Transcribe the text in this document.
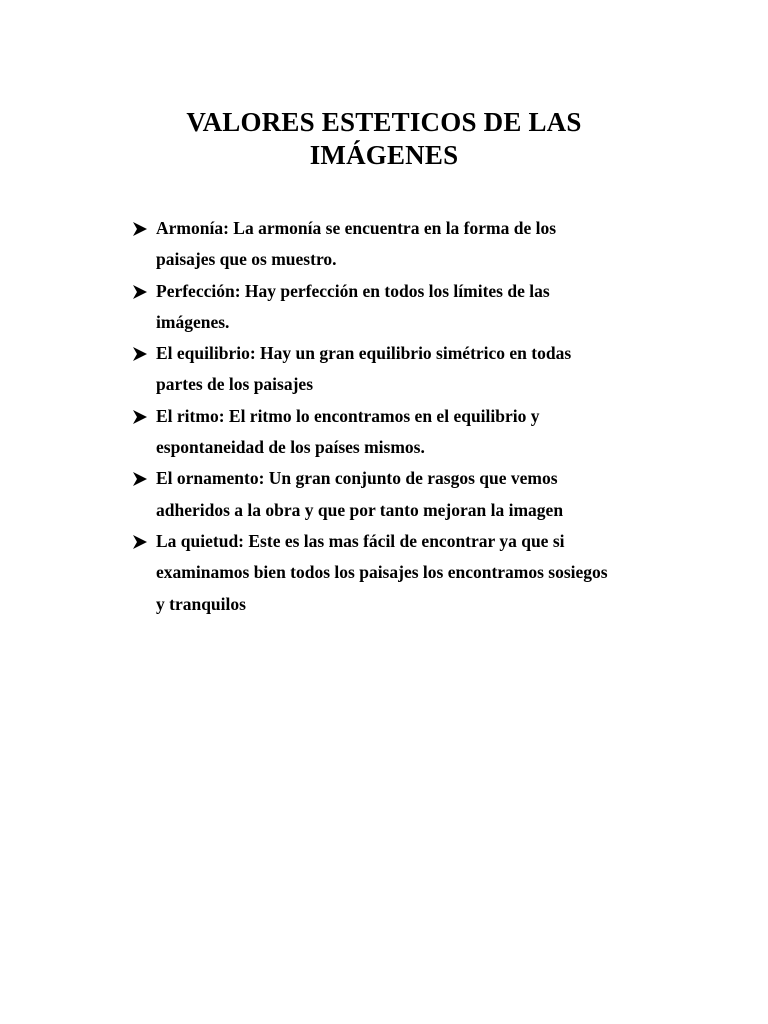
VALORES ESTETICOS DE LAS
IMÁGENES
Armonía: La armonía se encuentra en la forma de los
paisajes que os muestro.
Perfección: Hay perfección en todos los límites de las
imágenes.
El equilibrio: Hay un gran equilibrio simétrico en todas
partes de los paisajes
El ritmo: El ritmo lo encontramos en el equilibrio y
espontaneidad de los países mismos.
El ornamento: Un gran conjunto de rasgos que vemos
adheridos a la obra y que por tanto mejoran la imagen
La quietud: Este es las mas fácil de encontrar ya que si
examinamos bien todos los paisajes los encontramos sosiegos
y tranquilos
